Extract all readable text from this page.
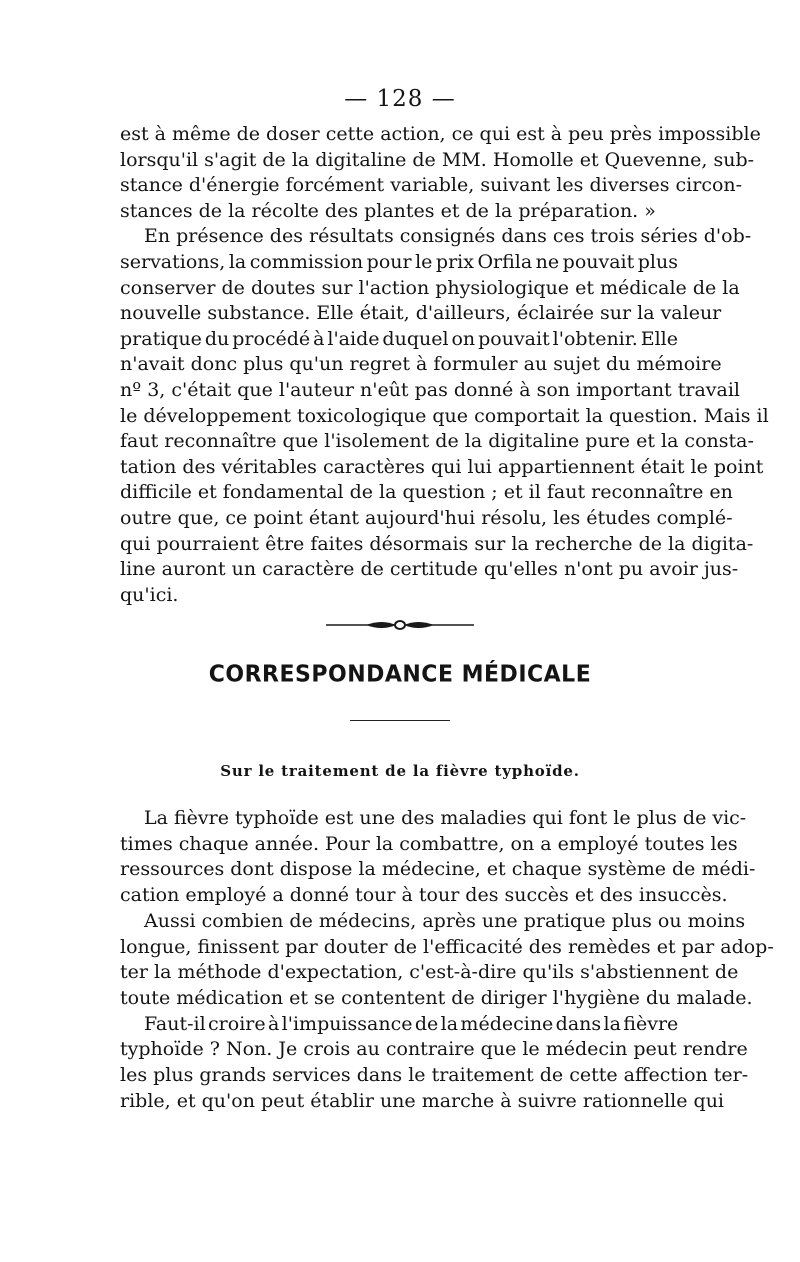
— 128 —

est à même de doser cette action, ce qui est à peu près impossible
lorsqu'il s'agit de la digitaline de MM. Homolle et Quevenne, sub-
stance d'énergie forcément variable, suivant les diverses circon-
stances de la récolte des plantes et de la préparation. »

En présence des résultats consignés dans ces trois séries d'ob-
servations, la commission pour le prix Orfila ne pouvait plus
conserver de doutes sur l'action physiologique et médicale de la
nouvelle substance. Elle était, d'ailleurs, éclairée sur la valeur
pratique du procédé à l'aide duquel on pouvait l'obtenir. Elle
n'avait donc plus qu'un regret à formuler au sujet du mémoire
nº 3, c'était que l'auteur n'eût pas donné à son important travail
le développement toxicologique que comportait la question. Mais il
faut reconnaître que l'isolement de la digitaline pure et la consta-
tation des véritables caractères qui lui appartiennent était le point
difficile et fondamental de la question ; et il faut reconnaître en
outre que, ce point étant aujourd'hui résolu, les études complé-
qui pourraient être faites désormais sur la recherche de la digita-
line auront un caractère de certitude qu'elles n'ont pu avoir jus-
qu'ici.

CORRESPONDANCE MÉDICALE
Sur le traitement de la fièvre typhoïde.

La fièvre typhoïde est une des maladies qui font le plus de vic-
times chaque année. Pour la combattre, on a employé toutes les
ressources dont dispose la médecine, et chaque système de médi-
cation employé a donné tour à tour des succès et des insuccès.

Aussi combien de médecins, après une pratique plus ou moins
longue, finissent par douter de l'efficacité des remèdes et par adop-
ter la méthode d'expectation, c'est-à-dire qu'ils s'abstiennent de
toute médication et se contentent de diriger l'hygiène du malade.

Faut-il croire à l'impuissance de la médecine dans la fièvre
typhoïde ? Non. Je crois au contraire que le médecin peut rendre
les plus grands services dans le traitement de cette affection ter-
rible, et qu'on peut établir une marche à suivre rationnelle qui
